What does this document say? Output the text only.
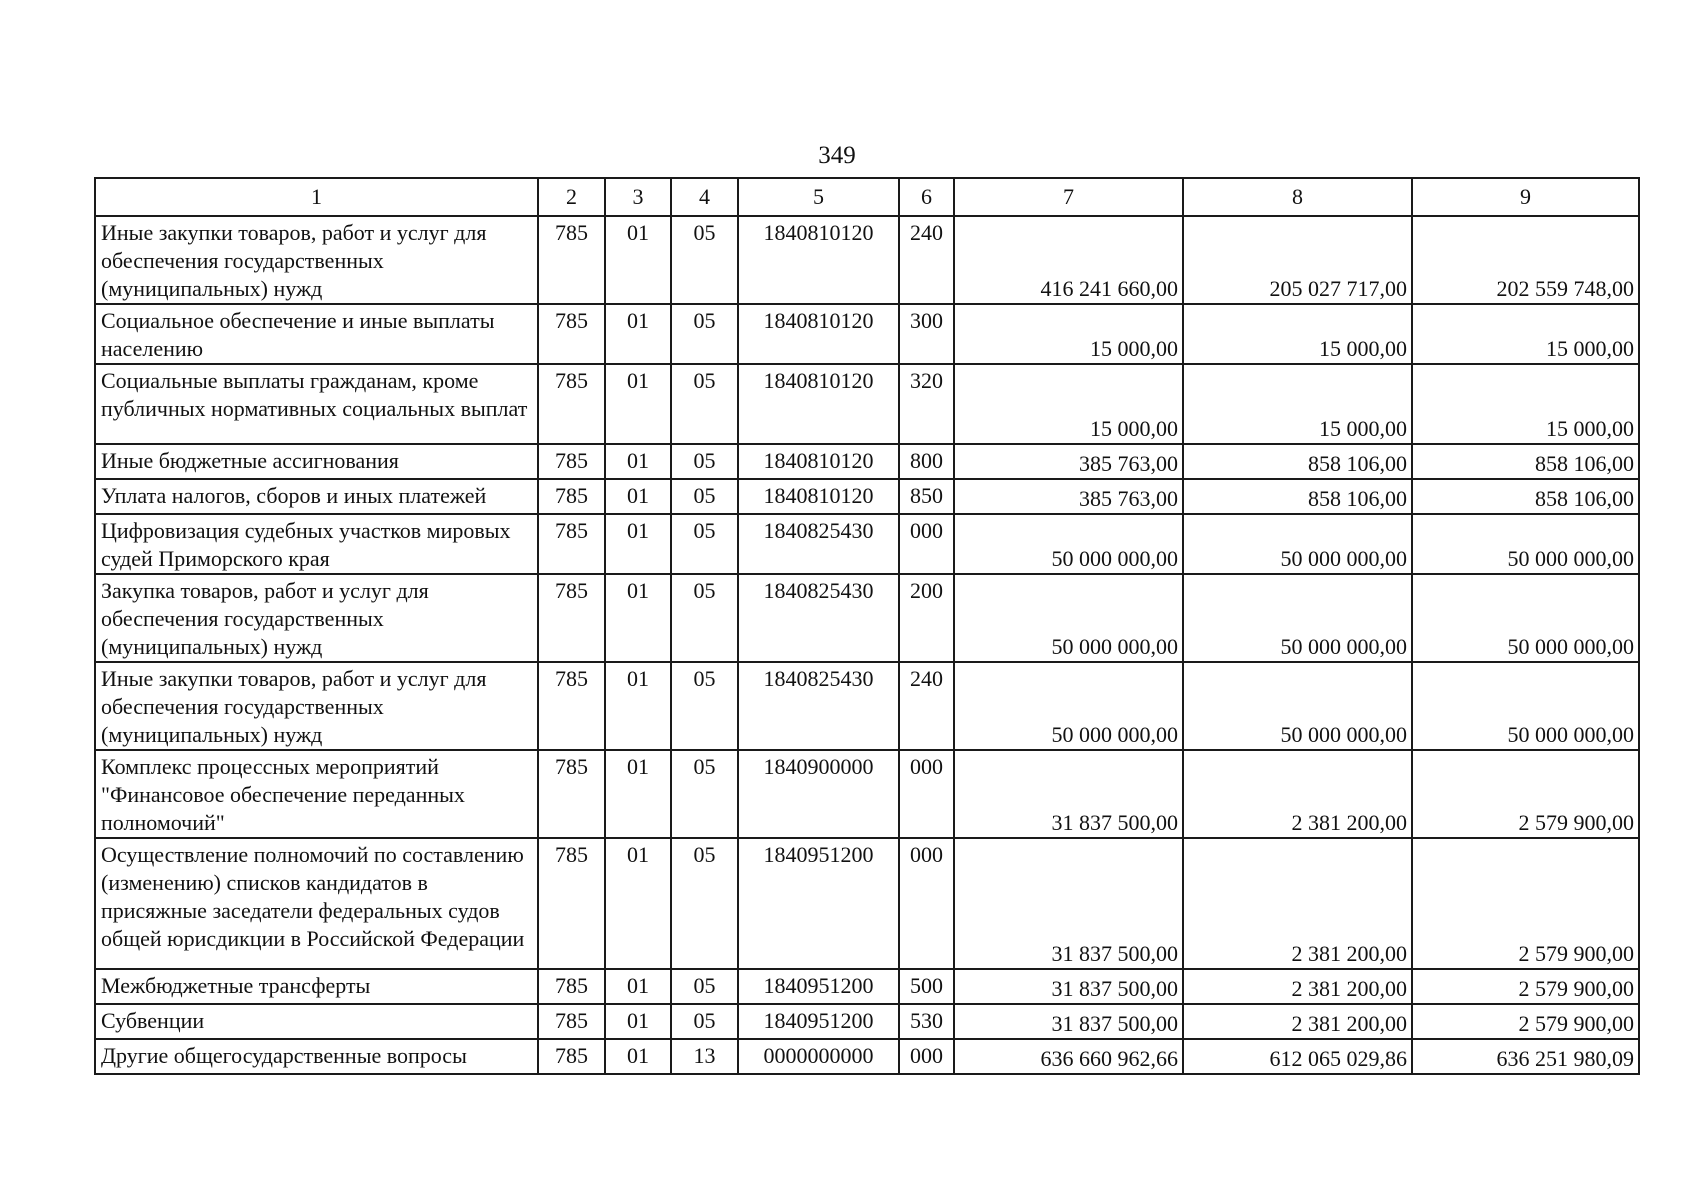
349
1	2	3	4	5	6	7	8	9

Иные закупки товаров, работ и услуг для обеспечения государственных (муниципальных) нужд	785	01	05	1840810120	240	416 241 660,00	205 027 717,00	202 559 748,00

Социальное обеспечение и иные выплаты населению	785	01	05	1840810120	300	15 000,00	15 000,00	15 000,00

Социальные выплаты гражданам, кроме публичных нормативных социальных выплат	785	01	05	1840810120	320	15 000,00	15 000,00	15 000,00

Иные бюджетные ассигнования	785	01	05	1840810120	800	385 763,00	858 106,00	858 106,00

Уплата налогов, сборов и иных платежей	785	01	05	1840810120	850	385 763,00	858 106,00	858 106,00

Цифровизация судебных участков мировых судей Приморского края	785	01	05	1840825430	000	50 000 000,00	50 000 000,00	50 000 000,00

Закупка товаров, работ и услуг для обеспечения государственных (муниципальных) нужд	785	01	05	1840825430	200	50 000 000,00	50 000 000,00	50 000 000,00

Иные закупки товаров, работ и услуг для обеспечения государственных (муниципальных) нужд	785	01	05	1840825430	240	50 000 000,00	50 000 000,00	50 000 000,00

Комплекс процессных мероприятий "Финансовое обеспечение переданных полномочий"	785	01	05	1840900000	000	31 837 500,00	2 381 200,00	2 579 900,00

Осуществление полномочий по составлению (изменению) списков кандидатов в присяжные заседатели федеральных судов общей юрисдикции в Российской Федерации	785	01	05	1840951200	000	31 837 500,00	2 381 200,00	2 579 900,00

Межбюджетные трансферты	785	01	05	1840951200	500	31 837 500,00	2 381 200,00	2 579 900,00

Субвенции	785	01	05	1840951200	530	31 837 500,00	2 381 200,00	2 579 900,00

Другие общегосударственные вопросы	785	01	13	0000000000	000	636 660 962,66	612 065 029,86	636 251 980,09
